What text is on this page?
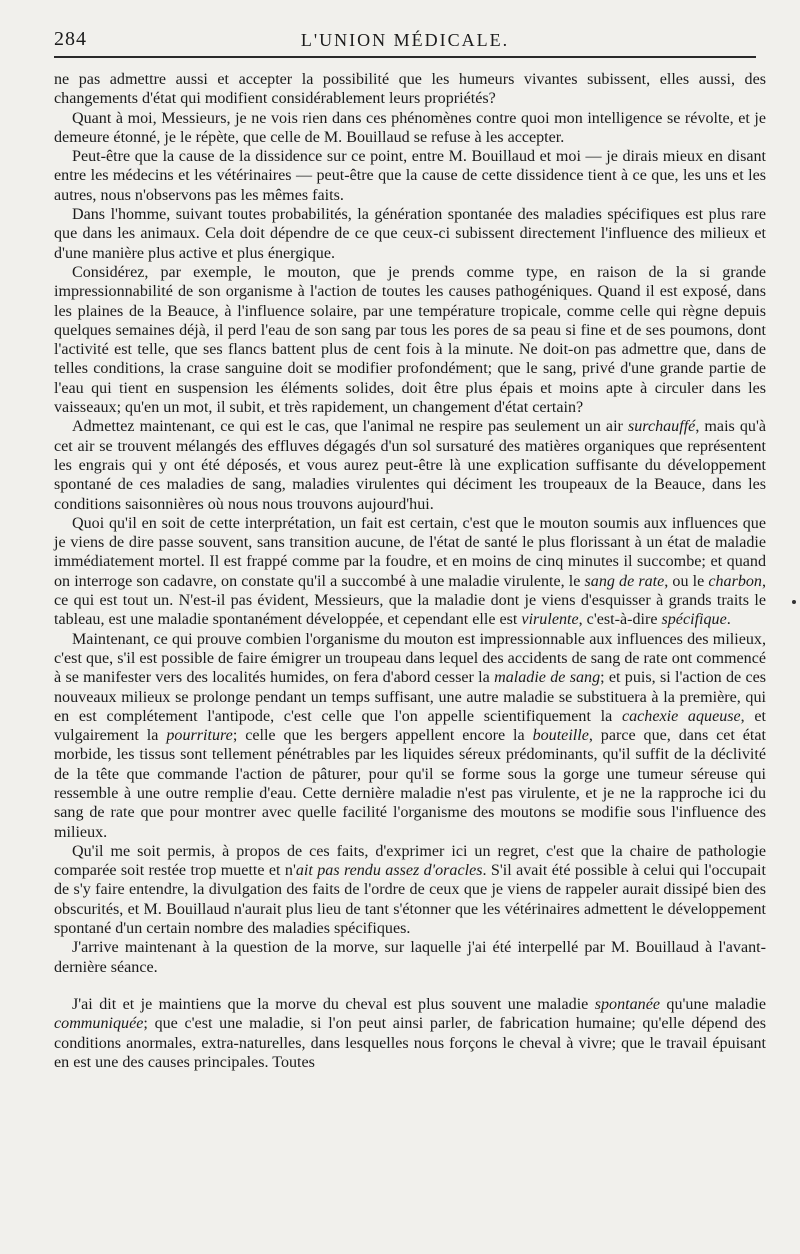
284	L'UNION MÉDICALE.

ne pas admettre aussi et accepter la possibilité que les humeurs vivantes subissent, elles aussi, des changements d'état qui modifient considérablement leurs propriétés?

Quant à moi, Messieurs, je ne vois rien dans ces phénomènes contre quoi mon intelligence se révolte, et je demeure étonné, je le répète, que celle de M. Bouillaud se refuse à les accepter.

Peut-être que la cause de la dissidence sur ce point, entre M. Bouillaud et moi — je dirais mieux en disant entre les médecins et les vétérinaires — peut-être que la cause de cette dissidence tient à ce que, les uns et les autres, nous n'observons pas les mêmes faits.

Dans l'homme, suivant toutes probabilités, la génération spontanée des maladies spécifiques est plus rare que dans les animaux. Cela doit dépendre de ce que ceux-ci subissent directement l'influence des milieux et d'une manière plus active et plus énergique.

Considérez, par exemple, le mouton, que je prends comme type, en raison de la si grande impressionnabilité de son organisme à l'action de toutes les causes pathogéniques. Quand il est exposé, dans les plaines de la Beauce, à l'influence solaire, par une température tropicale, comme celle qui règne depuis quelques semaines déjà, il perd l'eau de son sang par tous les pores de sa peau si fine et de ses poumons, dont l'activité est telle, que ses flancs battent plus de cent fois à la minute. Ne doit-on pas admettre que, dans de telles conditions, la crase sanguine doit se modifier profondément; que le sang, privé d'une grande partie de l'eau qui tient en suspension les éléments solides, doit être plus épais et moins apte à circuler dans les vaisseaux; qu'en un mot, il subit, et très rapidement, un changement d'état certain?

Admettez maintenant, ce qui est le cas, que l'animal ne respire pas seulement un air surchauffé, mais qu'à cet air se trouvent mélangés des effluves dégagés d'un sol sursaturé des matières organiques que représentent les engrais qui y ont été déposés, et vous aurez peut-être là une explication suffisante du développement spontané de ces maladies de sang, maladies virulentes qui déciment les troupeaux de la Beauce, dans les conditions saisonnières où nous nous trouvons aujourd'hui.

Quoi qu'il en soit de cette interprétation, un fait est certain, c'est que le mouton soumis aux influences que je viens de dire passe souvent, sans transition aucune, de l'état de santé le plus florissant à un état de maladie immédiatement mortel. Il est frappé comme par la foudre, et en moins de cinq minutes il succombe; et quand on interroge son cadavre, on constate qu'il a succombé à une maladie virulente, le sang de rate, ou le charbon, ce qui est tout un. N'est-il pas évident, Messieurs, que la maladie dont je viens d'esquisser à grands traits le tableau, est une maladie spontanément développée, et cependant elle est virulente, c'est-à-dire spécifique.

Maintenant, ce qui prouve combien l'organisme du mouton est impressionnable aux influences des milieux, c'est que, s'il est possible de faire émigrer un troupeau dans lequel des accidents de sang de rate ont commencé à se manifester vers des localités humides, on fera d'abord cesser la maladie de sang; et puis, si l'action de ces nouveaux milieux se prolonge pendant un temps suffisant, une autre maladie se substituera à la première, qui en est complétement l'antipode, c'est celle que l'on appelle scientifiquement la cachexie aqueuse, et vulgairement la pourriture; celle que les bergers appellent encore la bouteille, parce que, dans cet état morbide, les tissus sont tellement pénétrables par les liquides séreux prédominants, qu'il suffit de la déclivité de la tête que commande l'action de pâturer, pour qu'il se forme sous la gorge une tumeur séreuse qui ressemble à une outre remplie d'eau. Cette dernière maladie n'est pas virulente, et je ne la rapproche ici du sang de rate que pour montrer avec quelle facilité l'organisme des moutons se modifie sous l'influence des milieux.

Qu'il me soit permis, à propos de ces faits, d'exprimer ici un regret, c'est que la chaire de pathologie comparée soit restée trop muette et n'ait pas rendu assez d'oracles. S'il avait été possible à celui qui l'occupait de s'y faire entendre, la divulgation des faits de l'ordre de ceux que je viens de rappeler aurait dissipé bien des obscurités, et M. Bouillaud n'aurait plus lieu de tant s'étonner que les vétérinaires admettent le développement spontané d'un certain nombre des maladies spécifiques.

J'arrive maintenant à la question de la morve, sur laquelle j'ai été interpellé par M. Bouillaud à l'avant-dernière séance.

J'ai dit et je maintiens que la morve du cheval est plus souvent une maladie spontanée qu'une maladie communiquée; que c'est une maladie, si l'on peut ainsi parler, de fabrication humaine; qu'elle dépend des conditions anormales, extra-naturelles, dans lesquelles nous forçons le cheval à vivre; que le travail épuisant en est une des causes principales. Toutes
